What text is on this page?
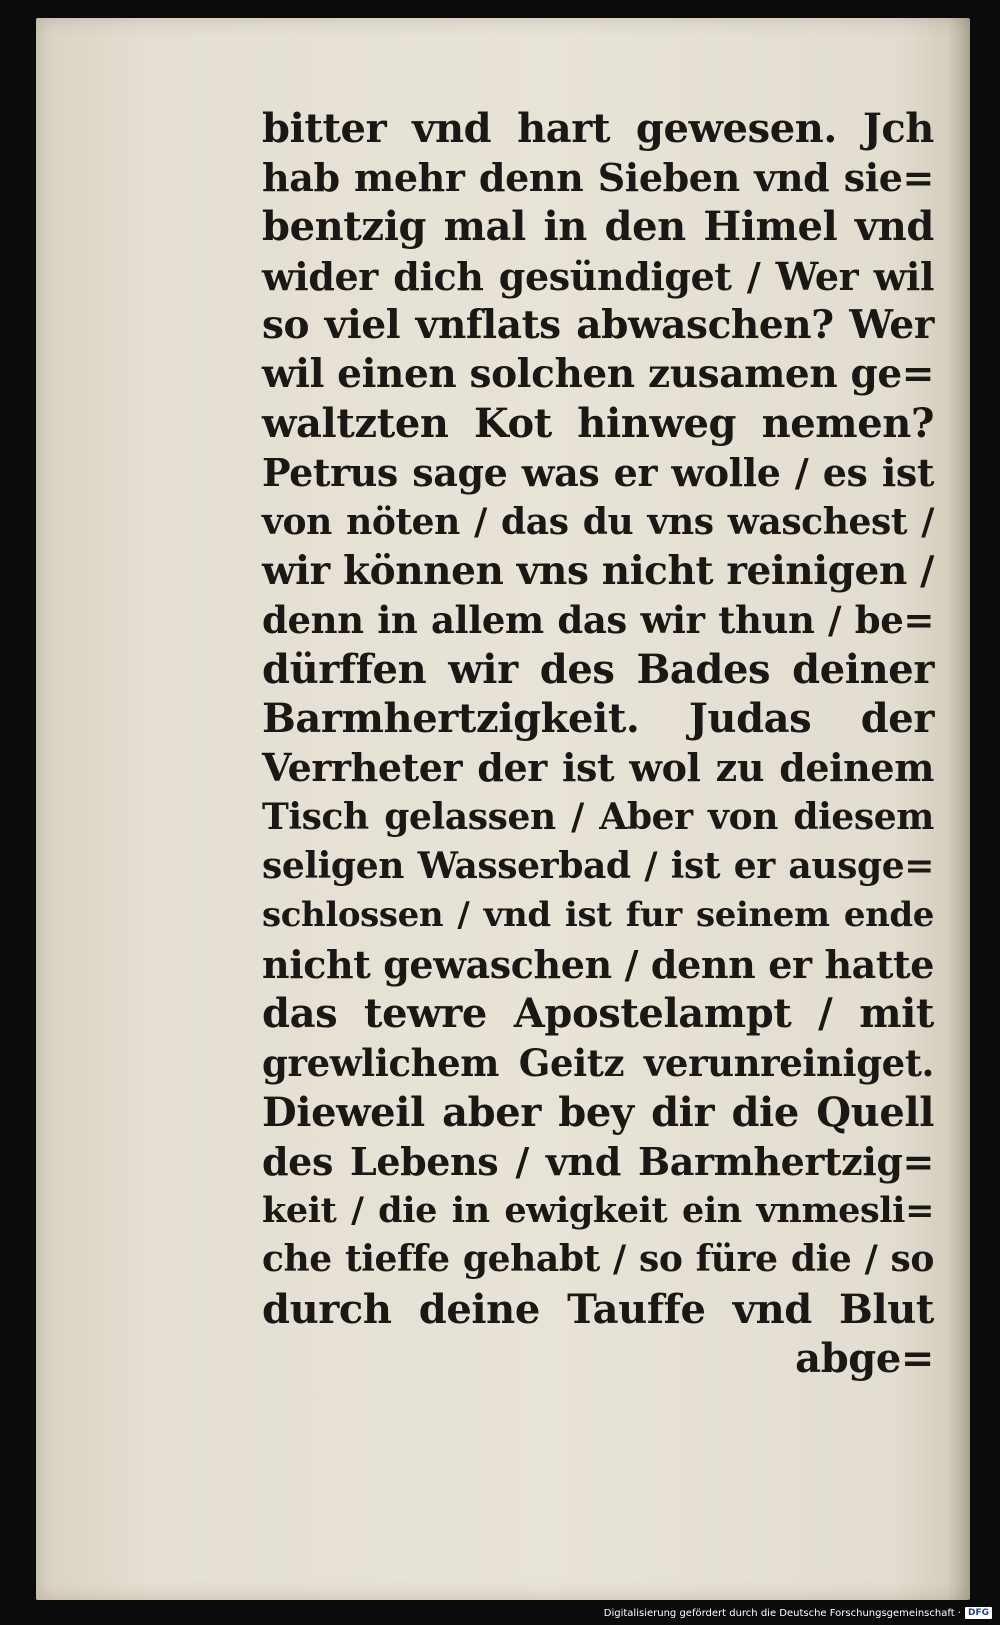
bitter vnd hart gewesen. Jch
hab mehr denn Sieben vnd sie=
bentzig mal in den Himel vnd
wider dich gesündiget / Wer wil
so viel vnflats abwaschen? Wer
wil einen solchen zusamen ge=
waltzten Kot hinweg nemen?
Petrus sage was er wolle / es ist
von nöten / das du vns waschest /
wir können vns nicht reinigen /
denn in allem das wir thun / be=
dürffen wir des Bades deiner
Barmhertzigkeit. Judas der
Verrheter der ist wol zu deinem
Tisch gelassen / Aber von diesem
seligen Wasserbad / ist er ausge=
schlossen / vnd ist fur seinem ende
nicht gewaschen / denn er hatte
das tewre Apostelampt / mit
grewlichem Geitz verunreiniget.
Dieweil aber bey dir die Quell
des Lebens / vnd Barmhertzig=
keit / die in ewigkeit ein vnmesli=
che tieffe gehabt / so füre die / so
durch deine Tauffe vnd Blut
abge=
Digitalisierung gefördert durch die Deutsche Forschungsgemeinschaft · DFG
